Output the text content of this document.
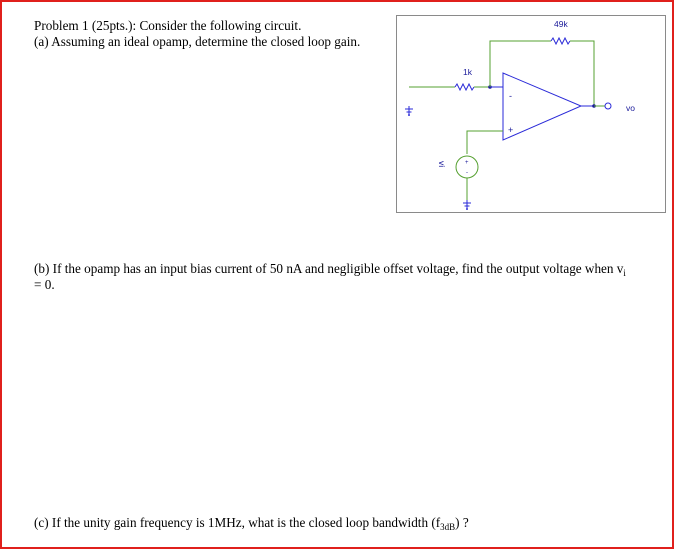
Problem 1 (25pts.): Consider the following circuit.
(a) Assuming an ideal opamp, determine the closed loop gain.
49k
1k
vo
vi
-
+
+
-
(b) If the opamp has an input bias current of 50 nA and negligible offset voltage, find the output voltage when $v_i$
= 0.
(c) If the unity gain frequency is 1MHz, what is the closed loop bandwidth $(f_{3dB})$ ?
